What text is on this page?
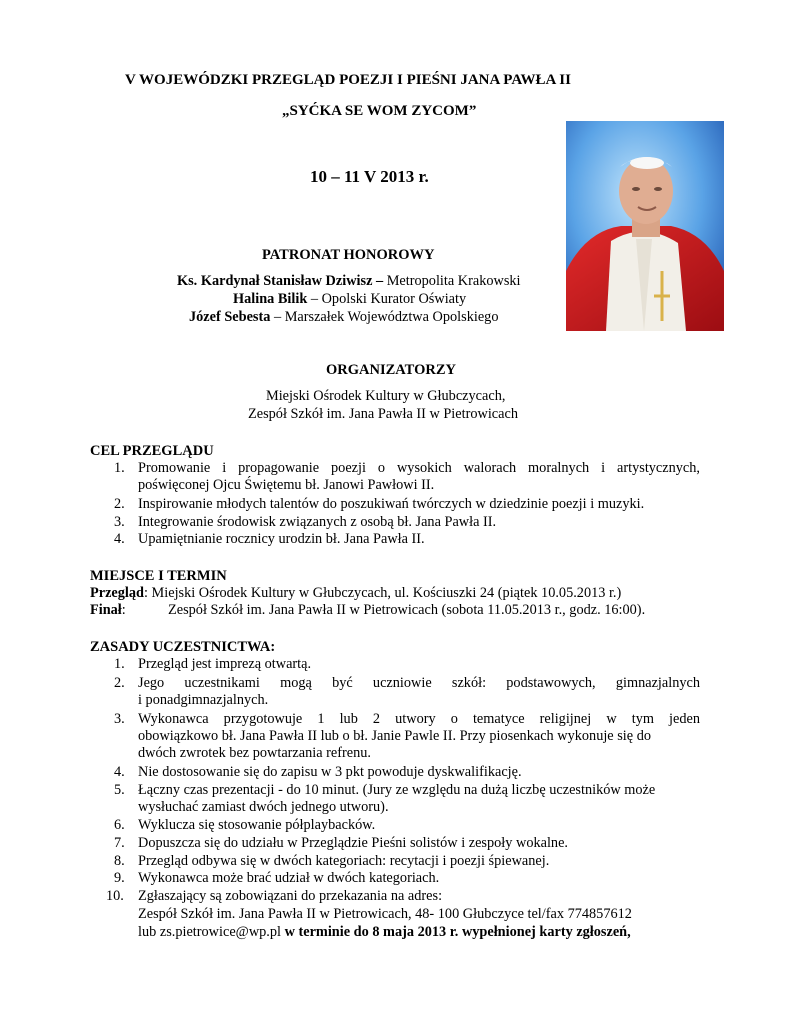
V WOJEWÓDZKI PRZEGLĄD POEZJI I PIEŚNI JANA PAWŁA II
„SYĆKA SE WOM ZYCOM”
10 – 11 V 2013 r.
PATRONAT HONOROWY
Ks. Kardynał Stanisław Dziwisz – Metropolita Krakowski
Halina Bilik – Opolski Kurator Oświaty
Józef Sebesta – Marszałek Województwa Opolskiego
ORGANIZATORZY
Miejski Ośrodek Kultury w Głubczycach,
Zespół Szkół im. Jana Pawła II w Pietrowicach
CEL PRZEGLĄDU
1. Promowanie i propagowanie poezji o wysokich walorach moralnych i artystycznych,
poświęconej Ojcu Świętemu bł. Janowi Pawłowi II.
2. Inspirowanie młodych talentów do poszukiwań twórczych w dziedzinie poezji i muzyki.
3. Integrowanie środowisk związanych z osobą bł. Jana Pawła II.
4. Upamiętnianie rocznicy urodzin bł. Jana Pawła II.
MIEJSCE I TERMIN
Przegląd: Miejski Ośrodek Kultury w Głubczycach, ul. Kościuszki 24 (piątek 10.05.2013 r.)
Finał:	Zespół Szkół im. Jana Pawła II w Pietrowicach (sobota 11.05.2013 r., godz. 16:00).
ZASADY UCZESTNICTWA:
1. Przegląd jest imprezą otwartą.
2. Jego uczestnikami mogą być uczniowie szkół: podstawowych, gimnazjalnych
i ponadgimnazjalnych.
3. Wykonawca przygotowuje 1 lub 2 utwory o tematyce religijnej w tym jeden
obowiązkowo bł. Jana Pawła II lub o bł. Janie Pawle II. Przy piosenkach wykonuje się do
dwóch zwrotek bez powtarzania refrenu.
4. Nie dostosowanie się do zapisu w 3 pkt powoduje dyskwalifikację.
5. Łączny czas prezentacji - do 10 minut. (Jury ze względu na dużą liczbę uczestników może
wysłuchać zamiast dwóch jednego utworu).
6. Wyklucza się stosowanie półplaybacków.
7. Dopuszcza się do udziału w Przeglądzie Pieśni solistów i zespoły wokalne.
8. Przegląd odbywa się w dwóch kategoriach: recytacji i poezji śpiewanej.
9. Wykonawca może brać udział w dwóch kategoriach.
10. Zgłaszający są zobowiązani do przekazania na adres:
Zespół Szkół im. Jana Pawła II w Pietrowicach, 48- 100 Głubczyce tel/fax 774857612
lub zs.pietrowice@wp.pl w terminie do 8 maja 2013 r. wypełnionej karty zgłoszeń,
